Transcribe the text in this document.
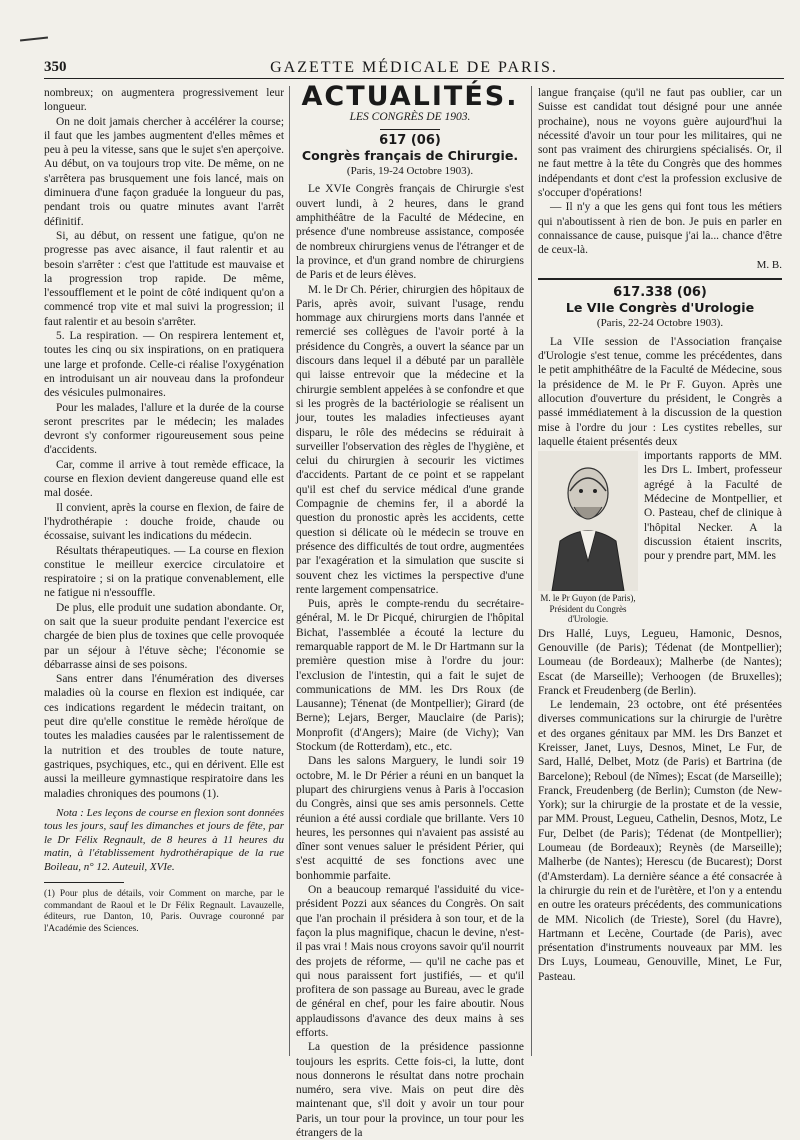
350	GAZETTE MÉDICALE DE PARIS.

nombreux; on augmentera progressivement leur longueur.

On ne doit jamais chercher à accélérer la course; il faut que les jambes augmentent d'elles mêmes et peu à peu la vitesse, sans que le sujet s'en aperçoive. Au début, on va toujours trop vite. De même, on ne s'arrêtera pas brusquement une fois lancé, mais on diminuera d'une façon graduée la longueur du pas, pendant trois ou quatre minutes avant l'arrêt définitif.

Si, au début, on ressent une fatigue, qu'on ne progresse pas avec aisance, il faut ralentir et au besoin s'arrêter : c'est que l'attitude est mauvaise et la progression trop rapide. De même, l'essoufflement et le point de côté indiquent qu'on a commencé trop vite et mal suivi la progression; il faut ralentir et au besoin s'arrêter.

5. La respiration. — On respirera lentement et, toutes les cinq ou six inspirations, on en pratiquera une large et profonde. Celle-ci réalise l'oxygénation en introduisant un air nouveau dans la profondeur des vésicules pulmonaires.

Pour les malades, l'allure et la durée de la course seront prescrites par le médecin; les malades devront s'y conformer rigoureusement sous peine d'accidents.

Car, comme il arrive à tout remède efficace, la course en flexion devient dangereuse quand elle est mal dosée.

Il convient, après la course en flexion, de faire de l'hydrothérapie : douche froide, chaude ou écossaise, suivant les indications du médecin.

Résultats thérapeutiques. — La course en flexion constitue le meilleur exercice circulatoire et respiratoire ; si on la pratique convenablement, elle ne fatigue ni n'essouffle.

De plus, elle produit une sudation abondante. Or, on sait que la sueur produite pendant l'exercice est chargée de bien plus de toxines que celle provoquée par un séjour à l'étuve sèche; l'économie se débarrasse ainsi de ses poisons.

Sans entrer dans l'énumération des diverses maladies où la course en flexion est indiquée, car ces indications regardent le médecin traitant, on peut dire qu'elle constitue le remède héroïque de toutes les maladies causées par le ralentissement de la nutrition et des troubles de toute nature, gastriques, psychiques, etc., qui en dérivent. Elle est aussi la meilleure gymnastique respiratoire dans les maladies chroniques des poumons (1).

Nota : Les leçons de course en flexion sont données tous les jours, sauf les dimanches et jours de fête, par le Dr Félix Regnault, de 8 heures à 11 heures du matin, à l'établissement hydrothérapique de la rue Boileau, n° 12. Auteuil, XVIe.

(1) Pour plus de détails, voir Comment on marche, par le commandant de Raoul et le Dr Félix Regnault. Lavauzelle, éditeurs, rue Danton, 10, Paris. Ouvrage couronné par l'Académie des Sciences.

ACTUALITÉS.
LES CONGRÈS DE 1903.
617 (06)
Congrès français de Chirurgie.
(Paris, 19-24 Octobre 1903).

Le XVIe Congrès français de Chirurgie s'est ouvert lundi, à 2 heures, dans le grand amphithéâtre de la Faculté de Médecine, en présence d'une nombreuse assistance, composée de nombreux chirurgiens venus de l'étranger et de la province, et d'un grand nombre de chirurgiens de Paris et de leurs élèves.

M. le Dr Ch. Périer, chirurgien des hôpitaux de Paris, après avoir, suivant l'usage, rendu hommage aux chirurgiens morts dans l'année et remercié ses collègues de l'avoir porté à la présidence du Congrès, a ouvert la séance par un discours dans lequel il a débuté par un parallèle qui laisse entrevoir que la médecine et la chirurgie semblent appelées à se confondre et que si les progrès de la bactériologie se réalisent un jour, toutes les maladies infectieuses ayant disparu, le rôle des médecins se réduirait à surveiller l'observation des règles de l'hygiène, et celui du chirurgien à secourir les victimes d'accidents. Partant de ce point et se rappelant qu'il est chef du service médical d'une grande Compagnie de chemins fer, il a abordé la question du pronostic après les accidents, cette question si délicate où le médecin se trouve en présence des difficultés de tout ordre, augmentées par l'exagération et la simulation que suscite si souvent chez les victimes la perspective d'une rente largement compensatrice.

Puis, après le compte-rendu du secrétaire-général, M. le Dr Picqué, chirurgien de l'hôpital Bichat, l'assemblée a écouté la lecture du remarquable rapport de M. le Dr Hartmann sur la première question mise à l'ordre du jour: l'exclusion de l'intestin, qui a fait le sujet de communications de MM. les Drs Roux (de Lausanne); Ténenat (de Montpellier); Girard (de Berne); Lejars, Berger, Mauclaire (de Paris); Monprofit (d'Angers); Maire (de Vichy); Van Stockum (de Rotterdam), etc., etc.

Dans les salons Marguery, le lundi soir 19 octobre, M. le Dr Périer a réuni en un banquet la plupart des chirurgiens venus à Paris à l'occasion du Congrès, ainsi que ses amis personnels. Cette réunion a été aussi cordiale que brillante. Vers 10 heures, les personnes qui n'avaient pas assisté au dîner sont venues saluer le président Périer, qui s'est acquitté de ses fonctions avec une bonhommie parfaite.

On a beaucoup remarqué l'assiduité du vice-président Pozzi aux séances du Congrès. On sait que l'an prochain il présidera à son tour, et de la façon la plus magnifique, chacun le devine, n'est-il pas vrai ! Mais nous croyons savoir qu'il nourrit des projets de réforme, — qu'il ne cache pas et qui nous paraissent fort justifiés, — et qu'il profitera de son passage au Bureau, avec le grade de général en chef, pour les faire aboutir. Nous applaudissons d'avance des deux mains à ses efforts.

La question de la présidence passionne toujours les esprits. Cette fois-ci, la lutte, dont nous donnerons le résultat dans notre prochain numéro, sera vive. Mais on peut dire dès maintenant que, s'il doit y avoir un tour pour Paris, un tour pour la province, un tour pour les étrangers de la

langue française (qu'il ne faut pas oublier, car un Suisse est candidat tout désigné pour une année prochaine), nous ne voyons guère aujourd'hui la nécessité d'avoir un tour pour les militaires, qui ne sont pas vraiment des chirurgiens spécialisés. Or, il ne faut mettre à la tête du Congrès que des hommes indépendants et dont c'est la profession exclusive de s'occuper d'opérations!

— Il n'y a que les gens qui font tous les métiers qui n'aboutissent à rien de bon. Je puis en parler en connaissance de cause, puisque j'ai la... chance d'être de ceux-là.

M. B.

617.338 (06)
Le VIIe Congrès d'Urologie
(Paris, 22-24 Octobre 1903).

La VIIe session de l'Association française d'Urologie s'est tenue, comme les précédentes, dans le petit amphithéâtre de la Faculté de Médecine, sous la présidence de M. le Pr F. Guyon. Après une allocution d'ouverture du président, le Congrès a passé immédiatement à la discussion de la question mise à l'ordre du jour : Les cystites rebelles, sur laquelle étaient présentés deux

M. le Pr Guyon (de Paris), Président du Congrès d'Urologie.

importants rapports de MM. les Drs L. Imbert, professeur agrégé à la Faculté de Médecine de Montpellier, et O. Pasteau, chef de clinique à l'hôpital Necker. A la discussion étaient inscrits, pour y prendre part, MM. les

Drs Hallé, Luys, Legueu, Hamonic, Desnos, Genouville (de Paris); Tédenat (de Montpellier); Loumeau (de Bordeaux); Malherbe (de Nantes); Escat (de Marseille); Verhoogen (de Bruxelles); Franck et Freudenberg (de Berlin).

Le lendemain, 23 octobre, ont été présentées diverses communications sur la chirurgie de l'urètre et des organes génitaux par MM. les Drs Banzet et Kreisser, Janet, Luys, Desnos, Minet, Le Fur, de Sard, Hallé, Delbet, Motz (de Paris) et Bartrina (de Barcelone); Reboul (de Nîmes); Escat (de Marseille); Franck, Freudenberg (de Berlin); Cumston (de New-York); sur la chirurgie de la prostate et de la vessie, par MM. Proust, Legueu, Cathelin, Desnos, Motz, Le Fur, Delbet (de Paris); Tédenat (de Montpellier); Loumeau (de Bordeaux); Reynès (de Marseille); Malherbe (de Nantes); Herescu (de Bucarest); Dorst (d'Amsterdam). La dernière séance a été consacrée à la chirurgie du rein et de l'urètère, et l'on y a entendu en outre les orateurs précédents, des communications de MM. Nicolich (de Trieste), Sorel (du Havre), Hartmann et Lecène, Courtade (de Paris), avec présentation d'instruments nouveaux par MM. les Drs Luys, Loumeau, Genouville, Minet, Le Fur, Pasteau.
